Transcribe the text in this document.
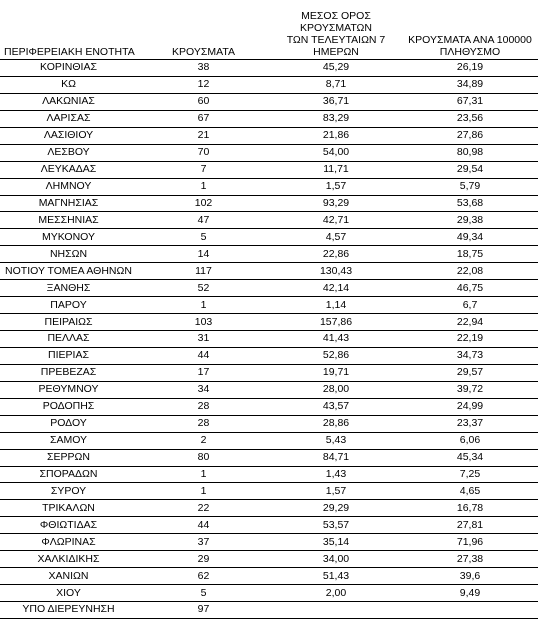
ΠΕΡΙΦΕΡΕΙΑΚΗ ΕΝΟΤΗΤΑ	ΚΡΟΥΣΜΑΤΑ	ΜΕΣΟΣ ΟΡΟΣ ΚΡΟΥΣΜΑΤΩΝ
ΤΩΝ ΤΕΛΕΥΤΑΙΩΝ 7
ΗΜΕΡΩΝ	ΚΡΟΥΣΜΑΤΑ ΑΝΑ 100000
ΠΛΗΘΥΣΜΟ

ΚΟΡΙΝΘΙΑΣ	38	45,29	26,19
ΚΩ	12	8,71	34,89
ΛΑΚΩΝΙΑΣ	60	36,71	67,31
ΛΑΡΙΣΑΣ	67	83,29	23,56
ΛΑΣΙΘΙΟΥ	21	21,86	27,86
ΛΕΣΒΟΥ	70	54,00	80,98
ΛΕΥΚΑΔΑΣ	7	11,71	29,54
ΛΗΜΝΟΥ	1	1,57	5,79
ΜΑΓΝΗΣΙΑΣ	102	93,29	53,68
ΜΕΣΣΗΝΙΑΣ	47	42,71	29,38
ΜΥΚΟΝΟΥ	5	4,57	49,34
ΝΗΣΩΝ	14	22,86	18,75
ΝΟΤΙΟΥ ΤΟΜΕΑ ΑΘΗΝΩΝ	117	130,43	22,08
ΞΑΝΘΗΣ	52	42,14	46,75
ΠΑΡΟΥ	1	1,14	6,7
ΠΕΙΡΑΙΩΣ	103	157,86	22,94
ΠΕΛΛΑΣ	31	41,43	22,19
ΠΙΕΡΙΑΣ	44	52,86	34,73
ΠΡΕΒΕΖΑΣ	17	19,71	29,57
ΡΕΘΥΜΝΟΥ	34	28,00	39,72
ΡΟΔΟΠΗΣ	28	43,57	24,99
ΡΟΔΟΥ	28	28,86	23,37
ΣΑΜΟΥ	2	5,43	6,06
ΣΕΡΡΩΝ	80	84,71	45,34
ΣΠΟΡΑΔΩΝ	1	1,43	7,25
ΣΥΡΟΥ	1	1,57	4,65
ΤΡΙΚΑΛΩΝ	22	29,29	16,78
ΦΘΙΩΤΙΔΑΣ	44	53,57	27,81
ΦΛΩΡΙΝΑΣ	37	35,14	71,96
ΧΑΛΚΙΔΙΚΗΣ	29	34,00	27,38
ΧΑΝΙΩΝ	62	51,43	39,6
ΧΙΟΥ	5	2,00	9,49
ΥΠΟ ΔΙΕΡΕΥΝΗΣΗ	97		
